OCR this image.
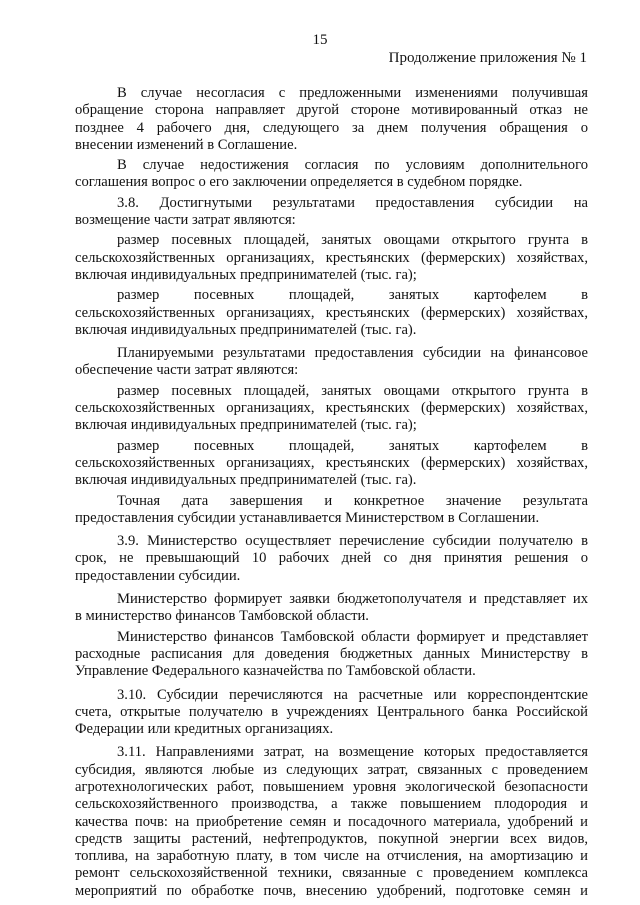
15
Продолжение приложения № 1
В случае несогласия с предложенными изменениями получившая
обращение сторона направляет другой стороне мотивированный отказ не
позднее 4 рабочего дня, следующего за днем получения обращения о
внесении изменений в Соглашение.
В случае недостижения согласия по условиям дополнительного
соглашения вопрос о его заключении определяется в судебном порядке.
3.8. Достигнутыми результатами предоставления субсидии на
возмещение части затрат являются:
размер посевных площадей, занятых овощами открытого грунта в
сельскохозяйственных организациях, крестьянских (фермерских) хозяйствах,
включая индивидуальных предпринимателей (тыс. га);
размер посевных площадей, занятых картофелем в
сельскохозяйственных организациях, крестьянских (фермерских) хозяйствах,
включая индивидуальных предпринимателей (тыс. га).
Планируемыми результатами предоставления субсидии на финансовое
обеспечение части затрат являются:
размер посевных площадей, занятых овощами открытого грунта в
сельскохозяйственных организациях, крестьянских (фермерских) хозяйствах,
включая индивидуальных предпринимателей (тыс. га);
размер посевных площадей, занятых картофелем в
сельскохозяйственных организациях, крестьянских (фермерских) хозяйствах,
включая индивидуальных предпринимателей (тыс. га).
Точная дата завершения и конкретное значение результата
предоставления субсидии устанавливается Министерством в Соглашении.
3.9. Министерство осуществляет перечисление субсидии получателю в
срок, не превышающий 10 рабочих дней со дня принятия решения о
предоставлении субсидии.
Министерство формирует заявки бюджетополучателя и представляет их
в министерство финансов Тамбовской области.
Министерство финансов Тамбовской области формирует и представляет
расходные расписания для доведения бюджетных данных Министерству в
Управление Федерального казначейства по Тамбовской области.
3.10. Субсидии перечисляются на расчетные или корреспондентские
счета, открытые получателю в учреждениях Центрального банка Российской
Федерации или кредитных организациях.
3.11. Направлениями затрат, на возмещение которых предоставляется
субсидия, являются любые из следующих затрат, связанных с проведением
агротехнологических работ, повышением уровня экологической безопасности
сельскохозяйственного производства, а также повышением плодородия и
качества почв: на приобретение семян и посадочного материала, удобрений и
средств защиты растений, нефтепродуктов, покупной энергии всех видов,
топлива, на заработную плату, в том числе на отчисления, на амортизацию и
ремонт сельскохозяйственной техники, связанные с проведением комплекса
мероприятий по обработке почв, внесению удобрений, подготовке семян и
